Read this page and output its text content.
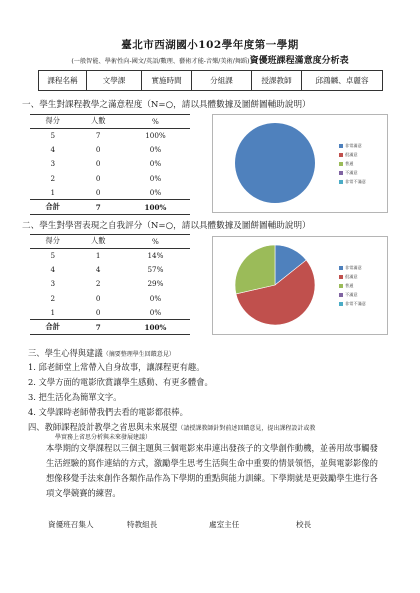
臺北市西湖國小102學年度第一學期
(一般智能、學術性向-國文/英語/數理、藝術才能-音樂/美術/舞蹈)資優班課程滿意度分析表
課程名稱	文學課	實施時間	分組課	授課教師	邱鴻麟、卓麗容
一、學生對課程教學之滿意程度（N=○，請以具體數據及圖餅圖輔助說明）
得分	人數	%
5	7	100%
4	0	0%
3	0	0%
2	0	0%
1	0	0%
合計	7	100%
非常滿意
很滿意
普通
不滿意
非常不滿意
二、學生對學習表現之自我評分（N=○，請以具體數據及圖餅圖輔助說明）
得分	人數	%
5	1	14%
4	4	57%
3	2	29%
2	0	0%
1	0	0%
合計	7	100%
非常滿意
很滿意
普通
不滿意
非常不滿意
三、學生心得與建議（摘要整理學生回饋意見）
1. 邱老師堂上常帶入自身故事，讓課程更有趣。
2. 文學方面的電影欣賞讓學生感動、有更多體會。
3. 把生活化為簡單文字。
4. 文學課時老師帶我們去看的電影都很棒。
四、教師課程設計教學之省思與未來展望（請授課教師針對前述回饋意見，提出課程設計或教
學實務上省思分析與未來發展建議）
本學期的文學課程以三個主題與三個電影來串連出發孩子的文學創作動機，並善用故事觸發生活經驗的寫作連結的方式，激勵學生思考生活與生命中重要的情景領悟，並與電影影像的想像移覺手法來創作各類作品作為下學期的重點與能力訓練。下學期就是更鼓勵學生進行各項文學競賽的練習。
資優班召集人	特教組長	處室主任	校長
